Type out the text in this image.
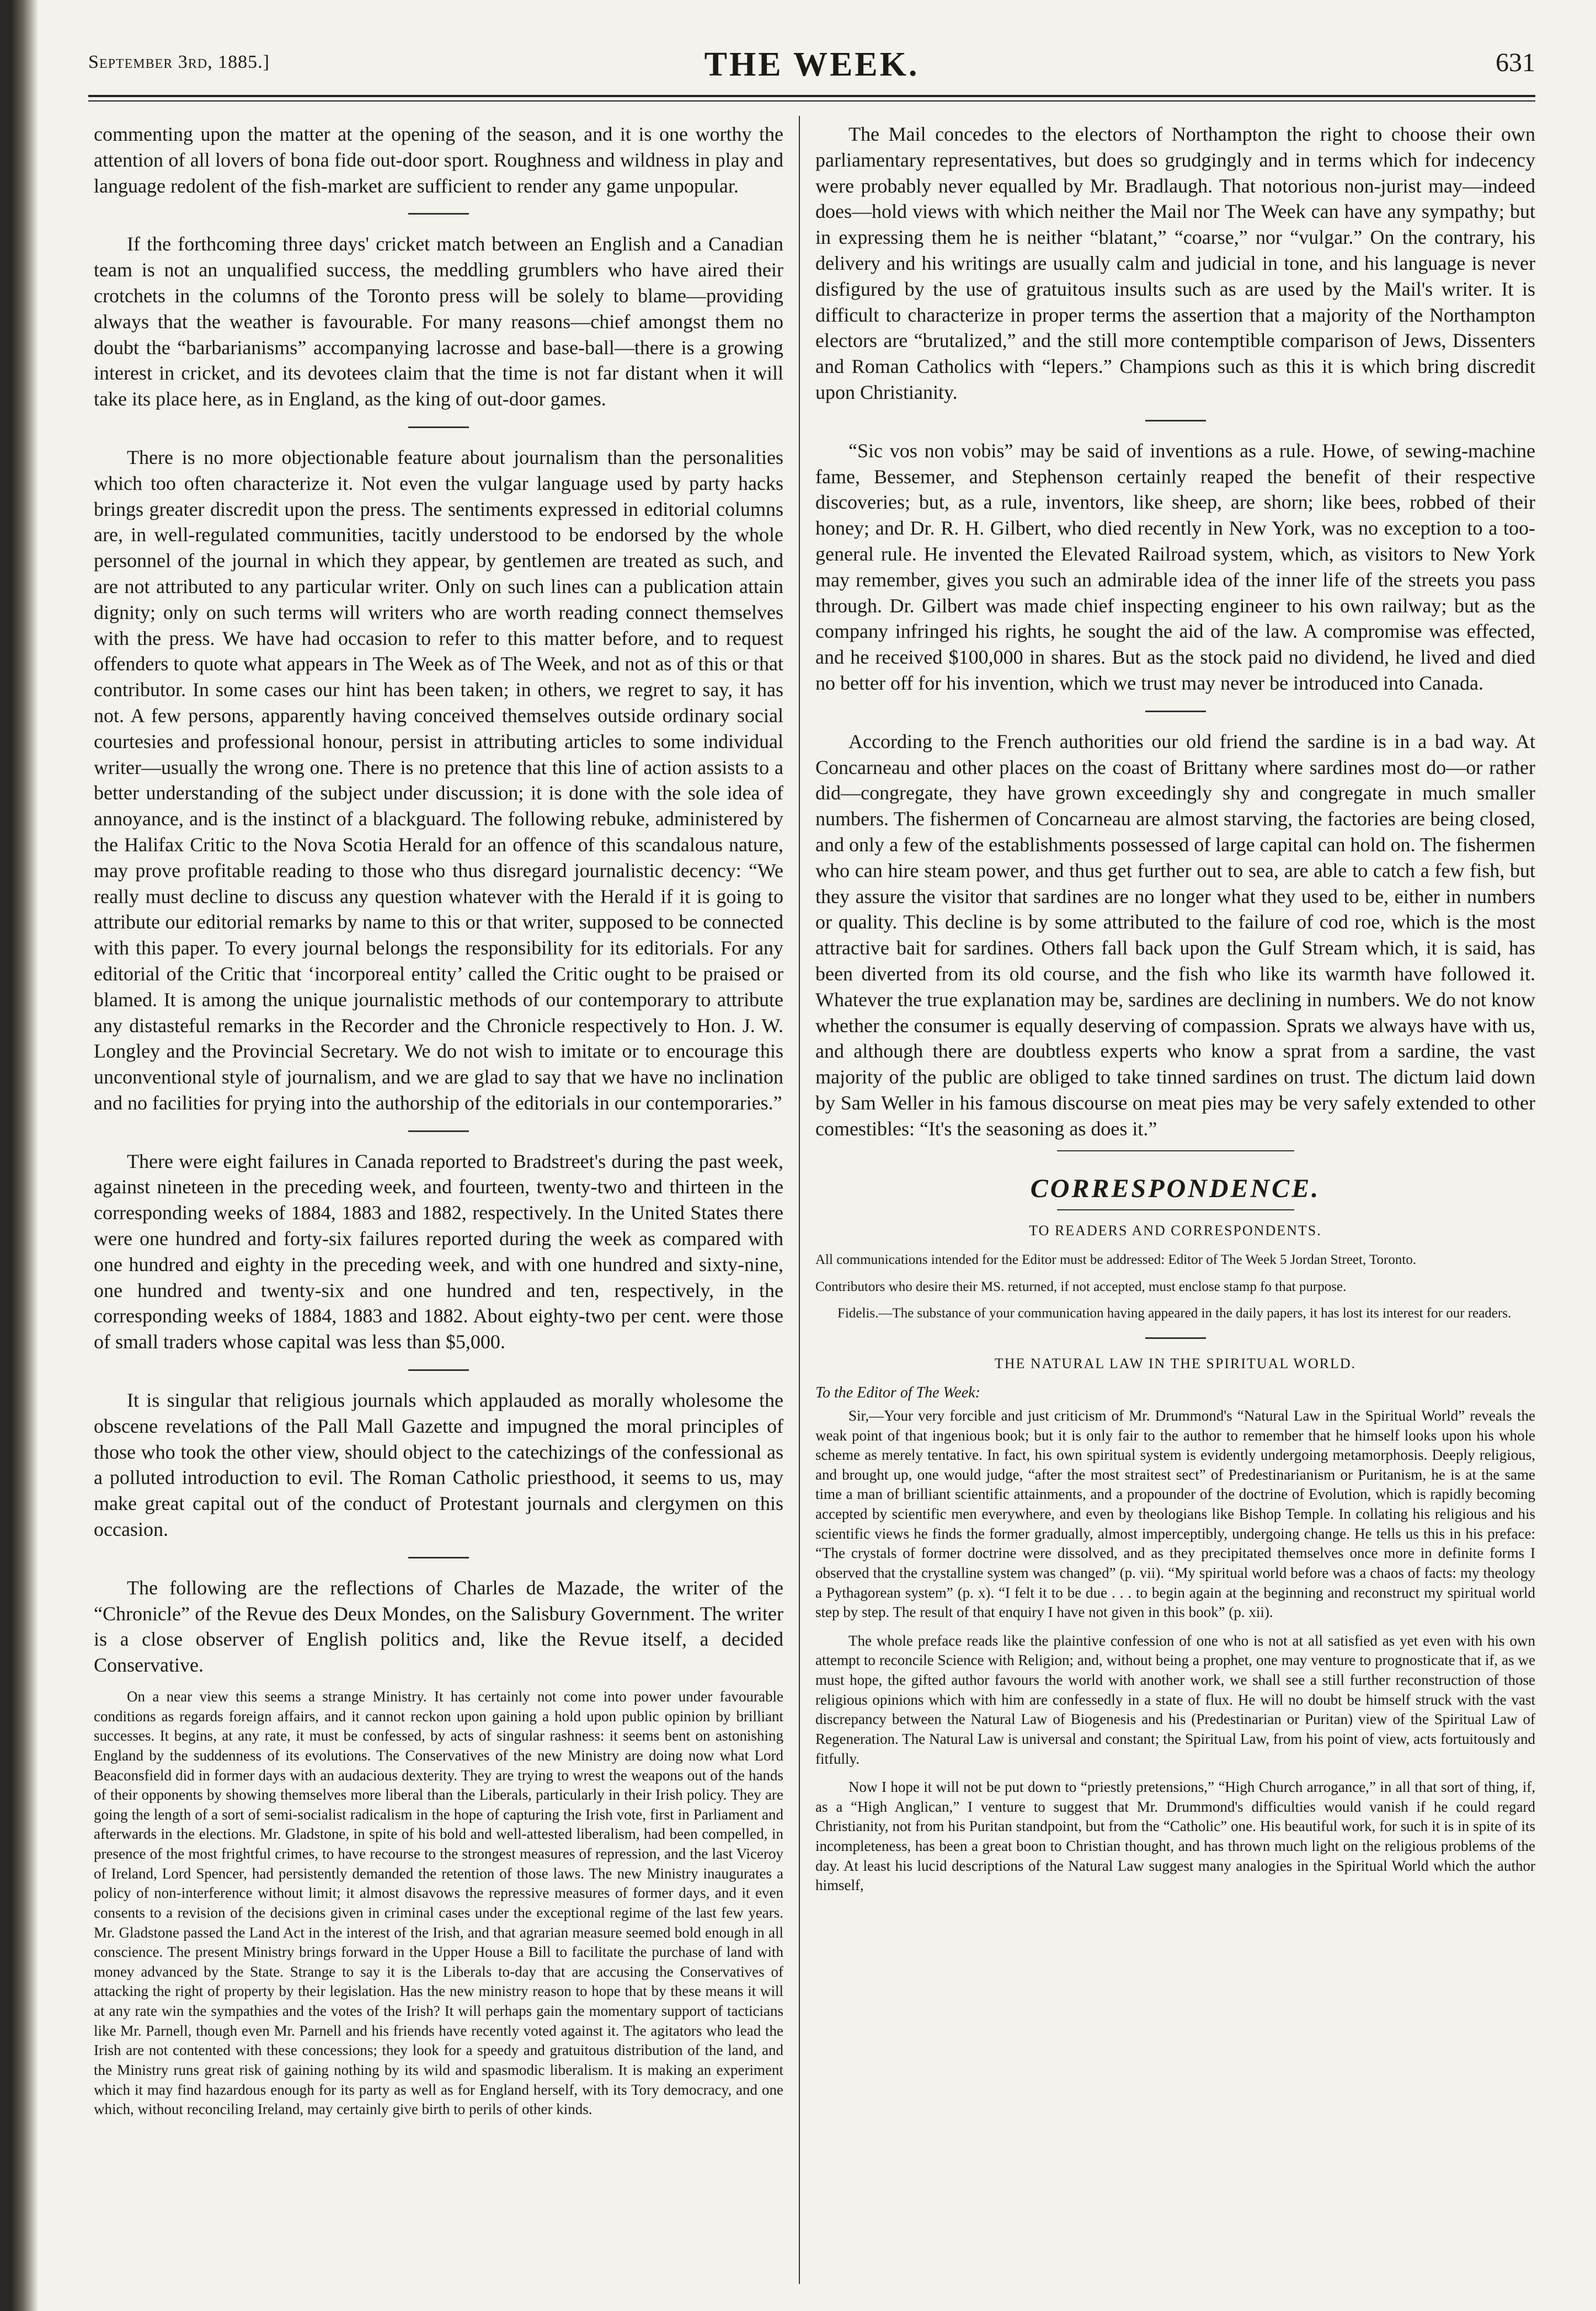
September 3rd, 1885.]	THE WEEK.	631

commenting upon the matter at the opening of the season, and it is one worthy the attention of all lovers of bona fide out-door sport. Roughness and wildness in play and language redolent of the fish-market are sufficient to render any game unpopular.

If the forthcoming three days' cricket match between an English and a Canadian team is not an unqualified success, the meddling grumblers who have aired their crotchets in the columns of the Toronto press will be solely to blame—providing always that the weather is favourable. For many reasons—chief amongst them no doubt the “barbarianisms” accompanying lacrosse and base-ball—there is a growing interest in cricket, and its devotees claim that the time is not far distant when it will take its place here, as in England, as the king of out-door games.

There is no more objectionable feature about journalism than the personalities which too often characterize it. Not even the vulgar language used by party hacks brings greater discredit upon the press. The sentiments expressed in editorial columns are, in well-regulated communities, tacitly understood to be endorsed by the whole personnel of the journal in which they appear, by gentlemen are treated as such, and are not attributed to any particular writer. Only on such lines can a publication attain dignity; only on such terms will writers who are worth reading connect themselves with the press. We have had occasion to refer to this matter before, and to request offenders to quote what appears in The Week as of The Week, and not as of this or that contributor. In some cases our hint has been taken; in others, we regret to say, it has not. A few persons, apparently having conceived themselves outside ordinary social courtesies and professional honour, persist in attributing articles to some individual writer—usually the wrong one. There is no pretence that this line of action assists to a better understanding of the subject under discussion; it is done with the sole idea of annoyance, and is the instinct of a blackguard. The following rebuke, administered by the Halifax Critic to the Nova Scotia Herald for an offence of this scandalous nature, may prove profitable reading to those who thus disregard journalistic decency: “We really must decline to discuss any question whatever with the Herald if it is going to attribute our editorial remarks by name to this or that writer, supposed to be connected with this paper. To every journal belongs the responsibility for its editorials. For any editorial of the Critic that ‘incorporeal entity’ called the Critic ought to be praised or blamed. It is among the unique journalistic methods of our contemporary to attribute any distasteful remarks in the Recorder and the Chronicle respectively to Hon. J. W. Longley and the Provincial Secretary. We do not wish to imitate or to encourage this unconventional style of journalism, and we are glad to say that we have no inclination and no facilities for prying into the authorship of the editorials in our contemporaries.”

There were eight failures in Canada reported to Bradstreet's during the past week, against nineteen in the preceding week, and fourteen, twenty-two and thirteen in the corresponding weeks of 1884, 1883 and 1882, respectively. In the United States there were one hundred and forty-six failures reported during the week as compared with one hundred and eighty in the preceding week, and with one hundred and sixty-nine, one hundred and twenty-six and one hundred and ten, respectively, in the corresponding weeks of 1884, 1883 and 1882. About eighty-two per cent. were those of small traders whose capital was less than $5,000.

It is singular that religious journals which applauded as morally wholesome the obscene revelations of the Pall Mall Gazette and impugned the moral principles of those who took the other view, should object to the catechizings of the confessional as a polluted introduction to evil. The Roman Catholic priesthood, it seems to us, may make great capital out of the conduct of Protestant journals and clergymen on this occasion.

The following are the reflections of Charles de Mazade, the writer of the “Chronicle” of the Revue des Deux Mondes, on the Salisbury Government. The writer is a close observer of English politics and, like the Revue itself, a decided Conservative.

On a near view this seems a strange Ministry. It has certainly not come into power under favourable conditions as regards foreign affairs, and it cannot reckon upon gaining a hold upon public opinion by brilliant successes. It begins, at any rate, it must be confessed, by acts of singular rashness: it seems bent on astonishing England by the suddenness of its evolutions. The Conservatives of the new Ministry are doing now what Lord Beaconsfield did in former days with an audacious dexterity. They are trying to wrest the weapons out of the hands of their opponents by showing themselves more liberal than the Liberals, particularly in their Irish policy. They are going the length of a sort of semi-socialist radicalism in the hope of capturing the Irish vote, first in Parliament and afterwards in the elections. Mr. Gladstone, in spite of his bold and well-attested liberalism, had been compelled, in presence of the most frightful crimes, to have recourse to the strongest measures of repression, and the last Viceroy of Ireland, Lord Spencer, had persistently demanded the retention of those laws. The new Ministry inaugurates a policy of non-interference without limit; it almost disavows the repressive measures of former days, and it even consents to a revision of the decisions given in criminal cases under the exceptional regime of the last few years. Mr. Gladstone passed the Land Act in the interest of the Irish, and that agrarian measure seemed bold enough in all conscience. The present Ministry brings forward in the Upper House a Bill to facilitate the purchase of land with money advanced by the State. Strange to say it is the Liberals to-day that are accusing the Conservatives of attacking the right of property by their legislation. Has the new ministry reason to hope that by these means it will at any rate win the sympathies and the votes of the Irish? It will perhaps gain the momentary support of tacticians like Mr. Parnell, though even Mr. Parnell and his friends have recently voted against it. The agitators who lead the Irish are not contented with these concessions; they look for a speedy and gratuitous distribution of the land, and the Ministry runs great risk of gaining nothing by its wild and spasmodic liberalism. It is making an experiment which it may find hazardous enough for its party as well as for England herself, with its Tory democracy, and one which, without reconciling Ireland, may certainly give birth to perils of other kinds.

The Mail concedes to the electors of Northampton the right to choose their own parliamentary representatives, but does so grudgingly and in terms which for indecency were probably never equalled by Mr. Bradlaugh. That notorious non-jurist may—indeed does—hold views with which neither the Mail nor The Week can have any sympathy; but in expressing them he is neither “blatant,” “coarse,” nor “vulgar.” On the contrary, his delivery and his writings are usually calm and judicial in tone, and his language is never disfigured by the use of gratuitous insults such as are used by the Mail's writer. It is difficult to characterize in proper terms the assertion that a majority of the Northampton electors are “brutalized,” and the still more contemptible comparison of Jews, Dissenters and Roman Catholics with “lepers.” Champions such as this it is which bring discredit upon Christianity.

“Sic vos non vobis” may be said of inventions as a rule. Howe, of sewing-machine fame, Bessemer, and Stephenson certainly reaped the benefit of their respective discoveries; but, as a rule, inventors, like sheep, are shorn; like bees, robbed of their honey; and Dr. R. H. Gilbert, who died recently in New York, was no exception to a too-general rule. He invented the Elevated Railroad system, which, as visitors to New York may remember, gives you such an admirable idea of the inner life of the streets you pass through. Dr. Gilbert was made chief inspecting engineer to his own railway; but as the company infringed his rights, he sought the aid of the law. A compromise was effected, and he received $100,000 in shares. But as the stock paid no dividend, he lived and died no better off for his invention, which we trust may never be introduced into Canada.

According to the French authorities our old friend the sardine is in a bad way. At Concarneau and other places on the coast of Brittany where sardines most do—or rather did—congregate, they have grown exceedingly shy and congregate in much smaller numbers. The fishermen of Concarneau are almost starving, the factories are being closed, and only a few of the establishments possessed of large capital can hold on. The fishermen who can hire steam power, and thus get further out to sea, are able to catch a few fish, but they assure the visitor that sardines are no longer what they used to be, either in numbers or quality. This decline is by some attributed to the failure of cod roe, which is the most attractive bait for sardines. Others fall back upon the Gulf Stream which, it is said, has been diverted from its old course, and the fish who like its warmth have followed it. Whatever the true explanation may be, sardines are declining in numbers. We do not know whether the consumer is equally deserving of compassion. Sprats we always have with us, and although there are doubtless experts who know a sprat from a sardine, the vast majority of the public are obliged to take tinned sardines on trust. The dictum laid down by Sam Weller in his famous discourse on meat pies may be very safely extended to other comestibles: “It's the seasoning as does it.”

CORRESPONDENCE.
TO READERS AND CORRESPONDENTS.

All communications intended for the Editor must be addressed: Editor of The Week 5 Jordan Street, Toronto.

Contributors who desire their MS. returned, if not accepted, must enclose stamp fo that purpose.

Fidelis.—The substance of your communication having appeared in the daily papers, it has lost its interest for our readers.

THE NATURAL LAW IN THE SPIRITUAL WORLD.
To the Editor of The Week:

Sir,—Your very forcible and just criticism of Mr. Drummond's “Natural Law in the Spiritual World” reveals the weak point of that ingenious book; but it is only fair to the author to remember that he himself looks upon his whole scheme as merely tentative. In fact, his own spiritual system is evidently undergoing metamorphosis. Deeply religious, and brought up, one would judge, “after the most straitest sect” of Predestinarianism or Puritanism, he is at the same time a man of brilliant scientific attainments, and a propounder of the doctrine of Evolution, which is rapidly becoming accepted by scientific men everywhere, and even by theologians like Bishop Temple. In collating his religious and his scientific views he finds the former gradually, almost imperceptibly, undergoing change. He tells us this in his preface: “The crystals of former doctrine were dissolved, and as they precipitated themselves once more in definite forms I observed that the crystalline system was changed” (p. vii). “My spiritual world before was a chaos of facts: my theology a Pythagorean system” (p. x). “I felt it to be due . . . to begin again at the beginning and reconstruct my spiritual world step by step. The result of that enquiry I have not given in this book” (p. xii).

The whole preface reads like the plaintive confession of one who is not at all satisfied as yet even with his own attempt to reconcile Science with Religion; and, without being a prophet, one may venture to prognosticate that if, as we must hope, the gifted author favours the world with another work, we shall see a still further reconstruction of those religious opinions which with him are confessedly in a state of flux. He will no doubt be himself struck with the vast discrepancy between the Natural Law of Biogenesis and his (Predestinarian or Puritan) view of the Spiritual Law of Regeneration. The Natural Law is universal and constant; the Spiritual Law, from his point of view, acts fortuitously and fitfully.

Now I hope it will not be put down to “priestly pretensions,” “High Church arrogance,” in all that sort of thing, if, as a “High Anglican,” I venture to suggest that Mr. Drummond's difficulties would vanish if he could regard Christianity, not from his Puritan standpoint, but from the “Catholic” one. His beautiful work, for such it is in spite of its incompleteness, has been a great boon to Christian thought, and has thrown much light on the religious problems of the day. At least his lucid descriptions of the Natural Law suggest many analogies in the Spiritual World which the author himself,
